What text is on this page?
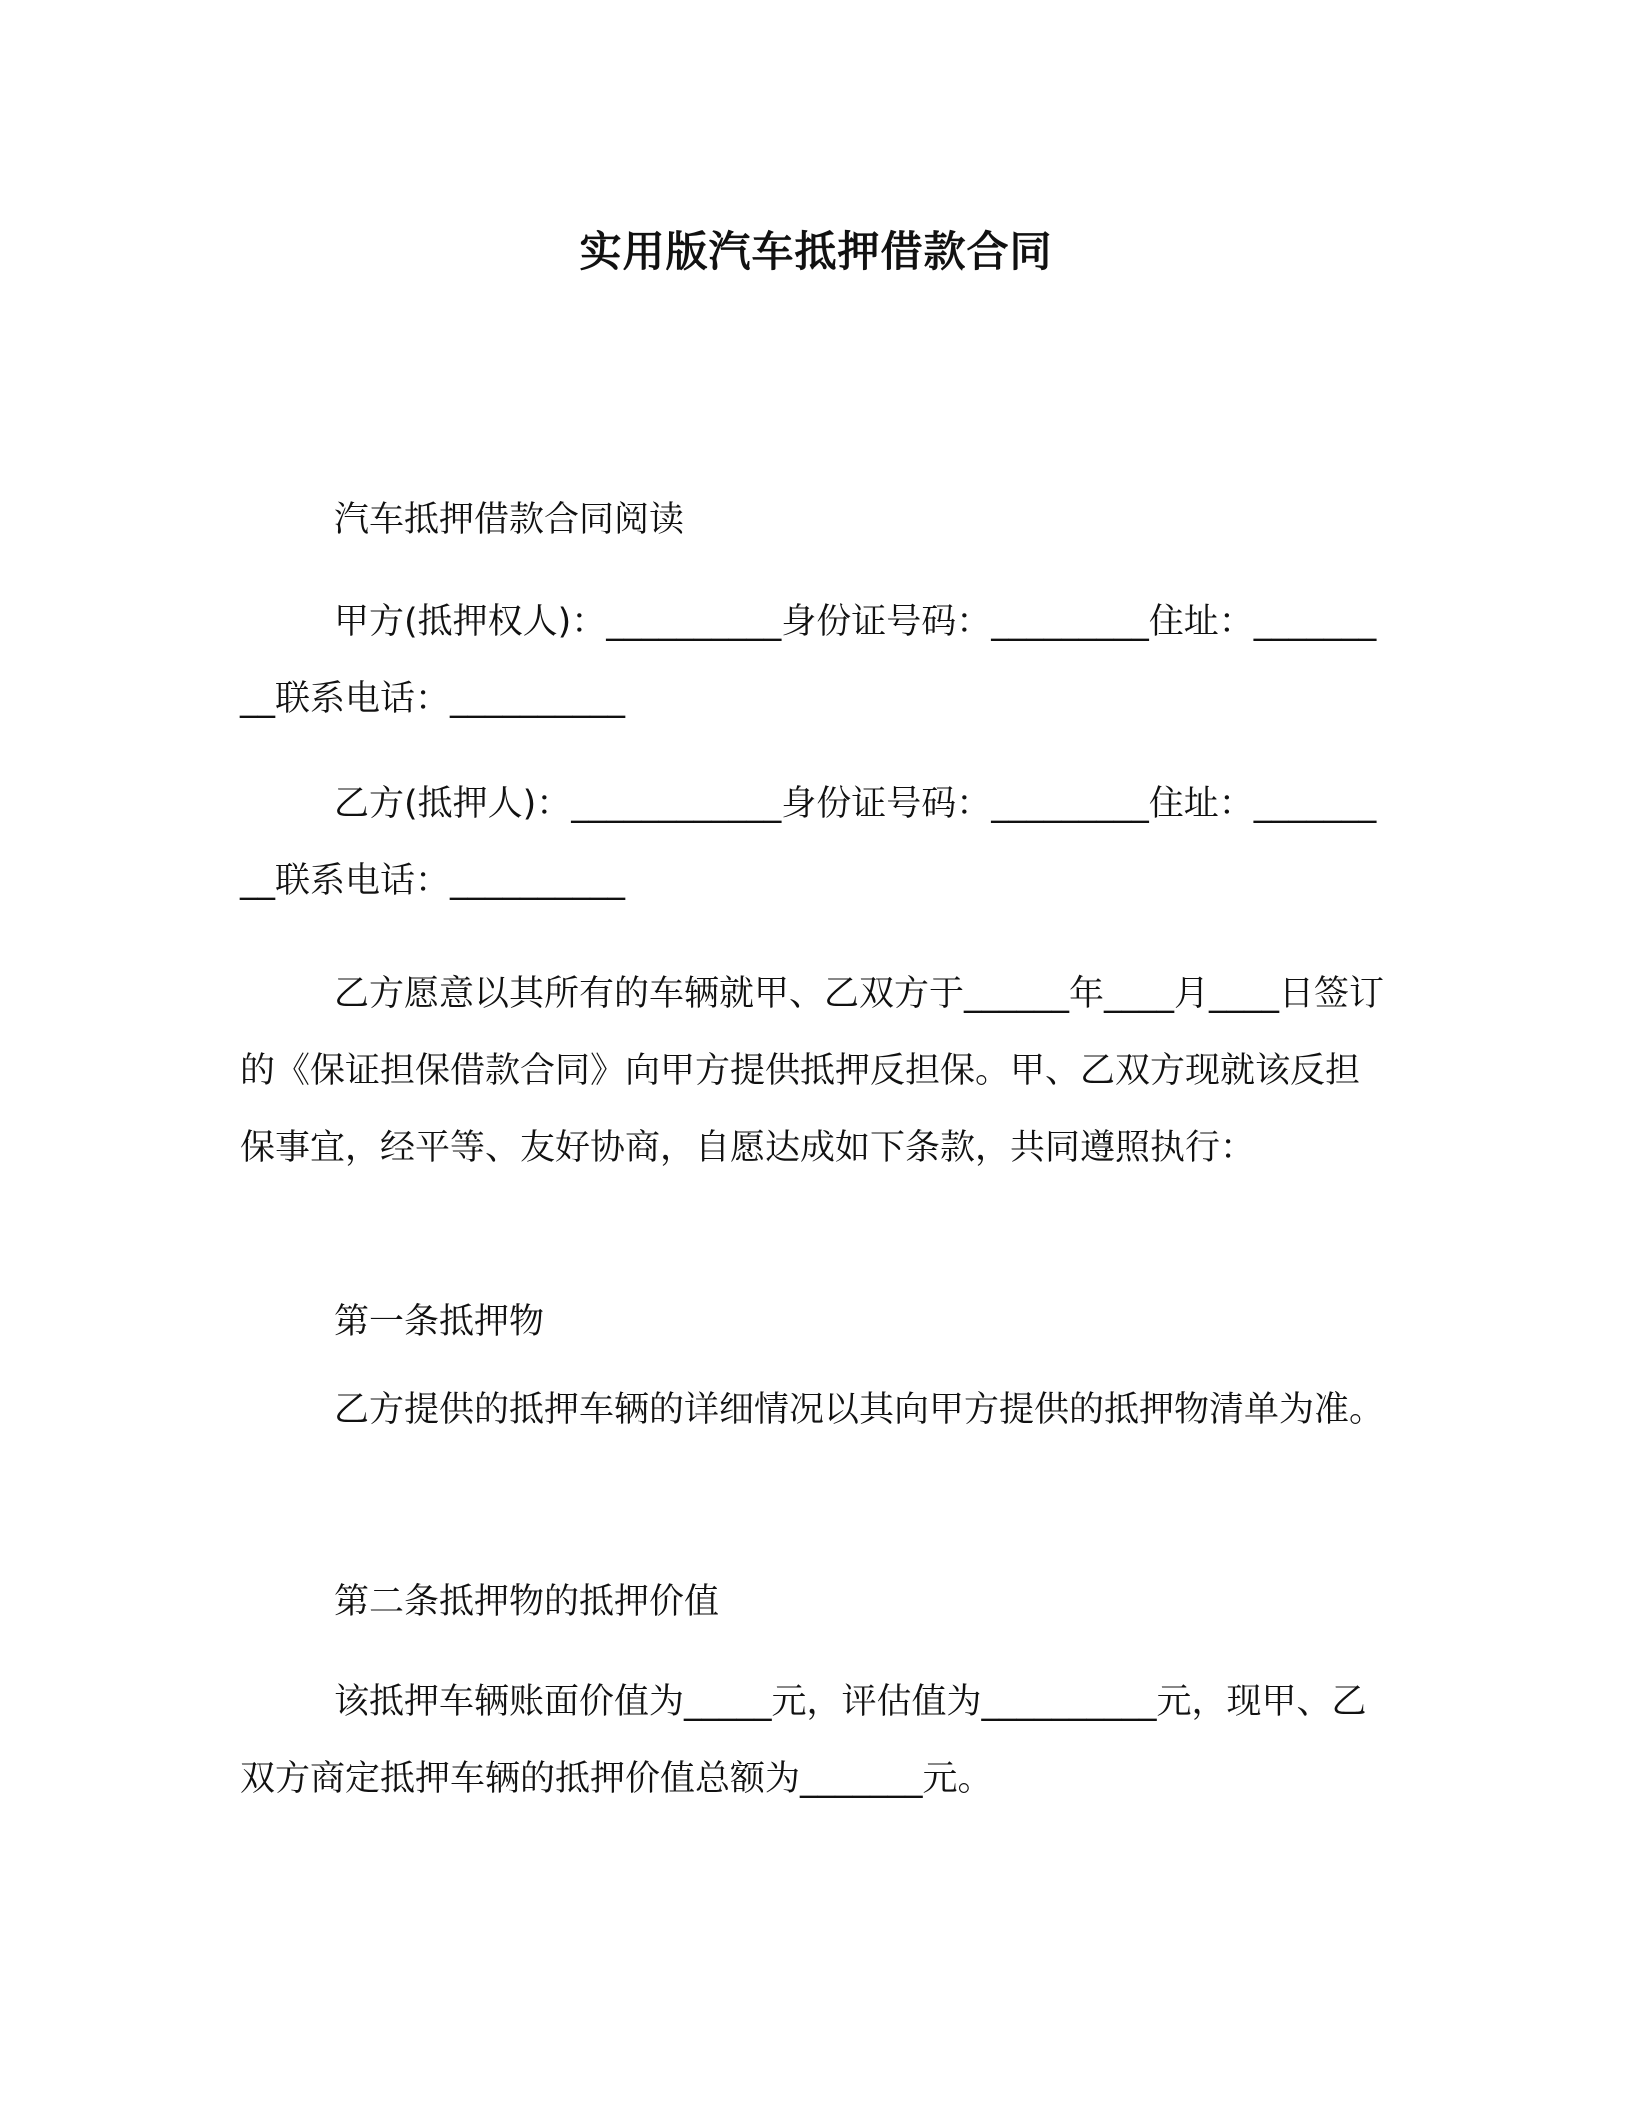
实用版汽车抵押借款合同

汽车抵押借款合同阅读

甲方(抵押权人)：__________身份证号码：_________住址：_________联系电话：__________

乙方(抵押人)：____________身份证号码：_________住址：_________联系电话：__________

乙方愿意以其所有的车辆就甲、乙双方于______年____月____日签订的《保证担保借款合同》向甲方提供抵押反担保。甲、乙双方现就该反担保事宜，经平等、友好协商，自愿达成如下条款，共同遵照执行：

第一条抵押物

乙方提供的抵押车辆的详细情况以其向甲方提供的抵押物清单为准。

第二条抵押物的抵押价值

该抵押车辆账面价值为_____元，评估值为__________元，现甲、乙双方商定抵押车辆的抵押价值总额为_______元。
